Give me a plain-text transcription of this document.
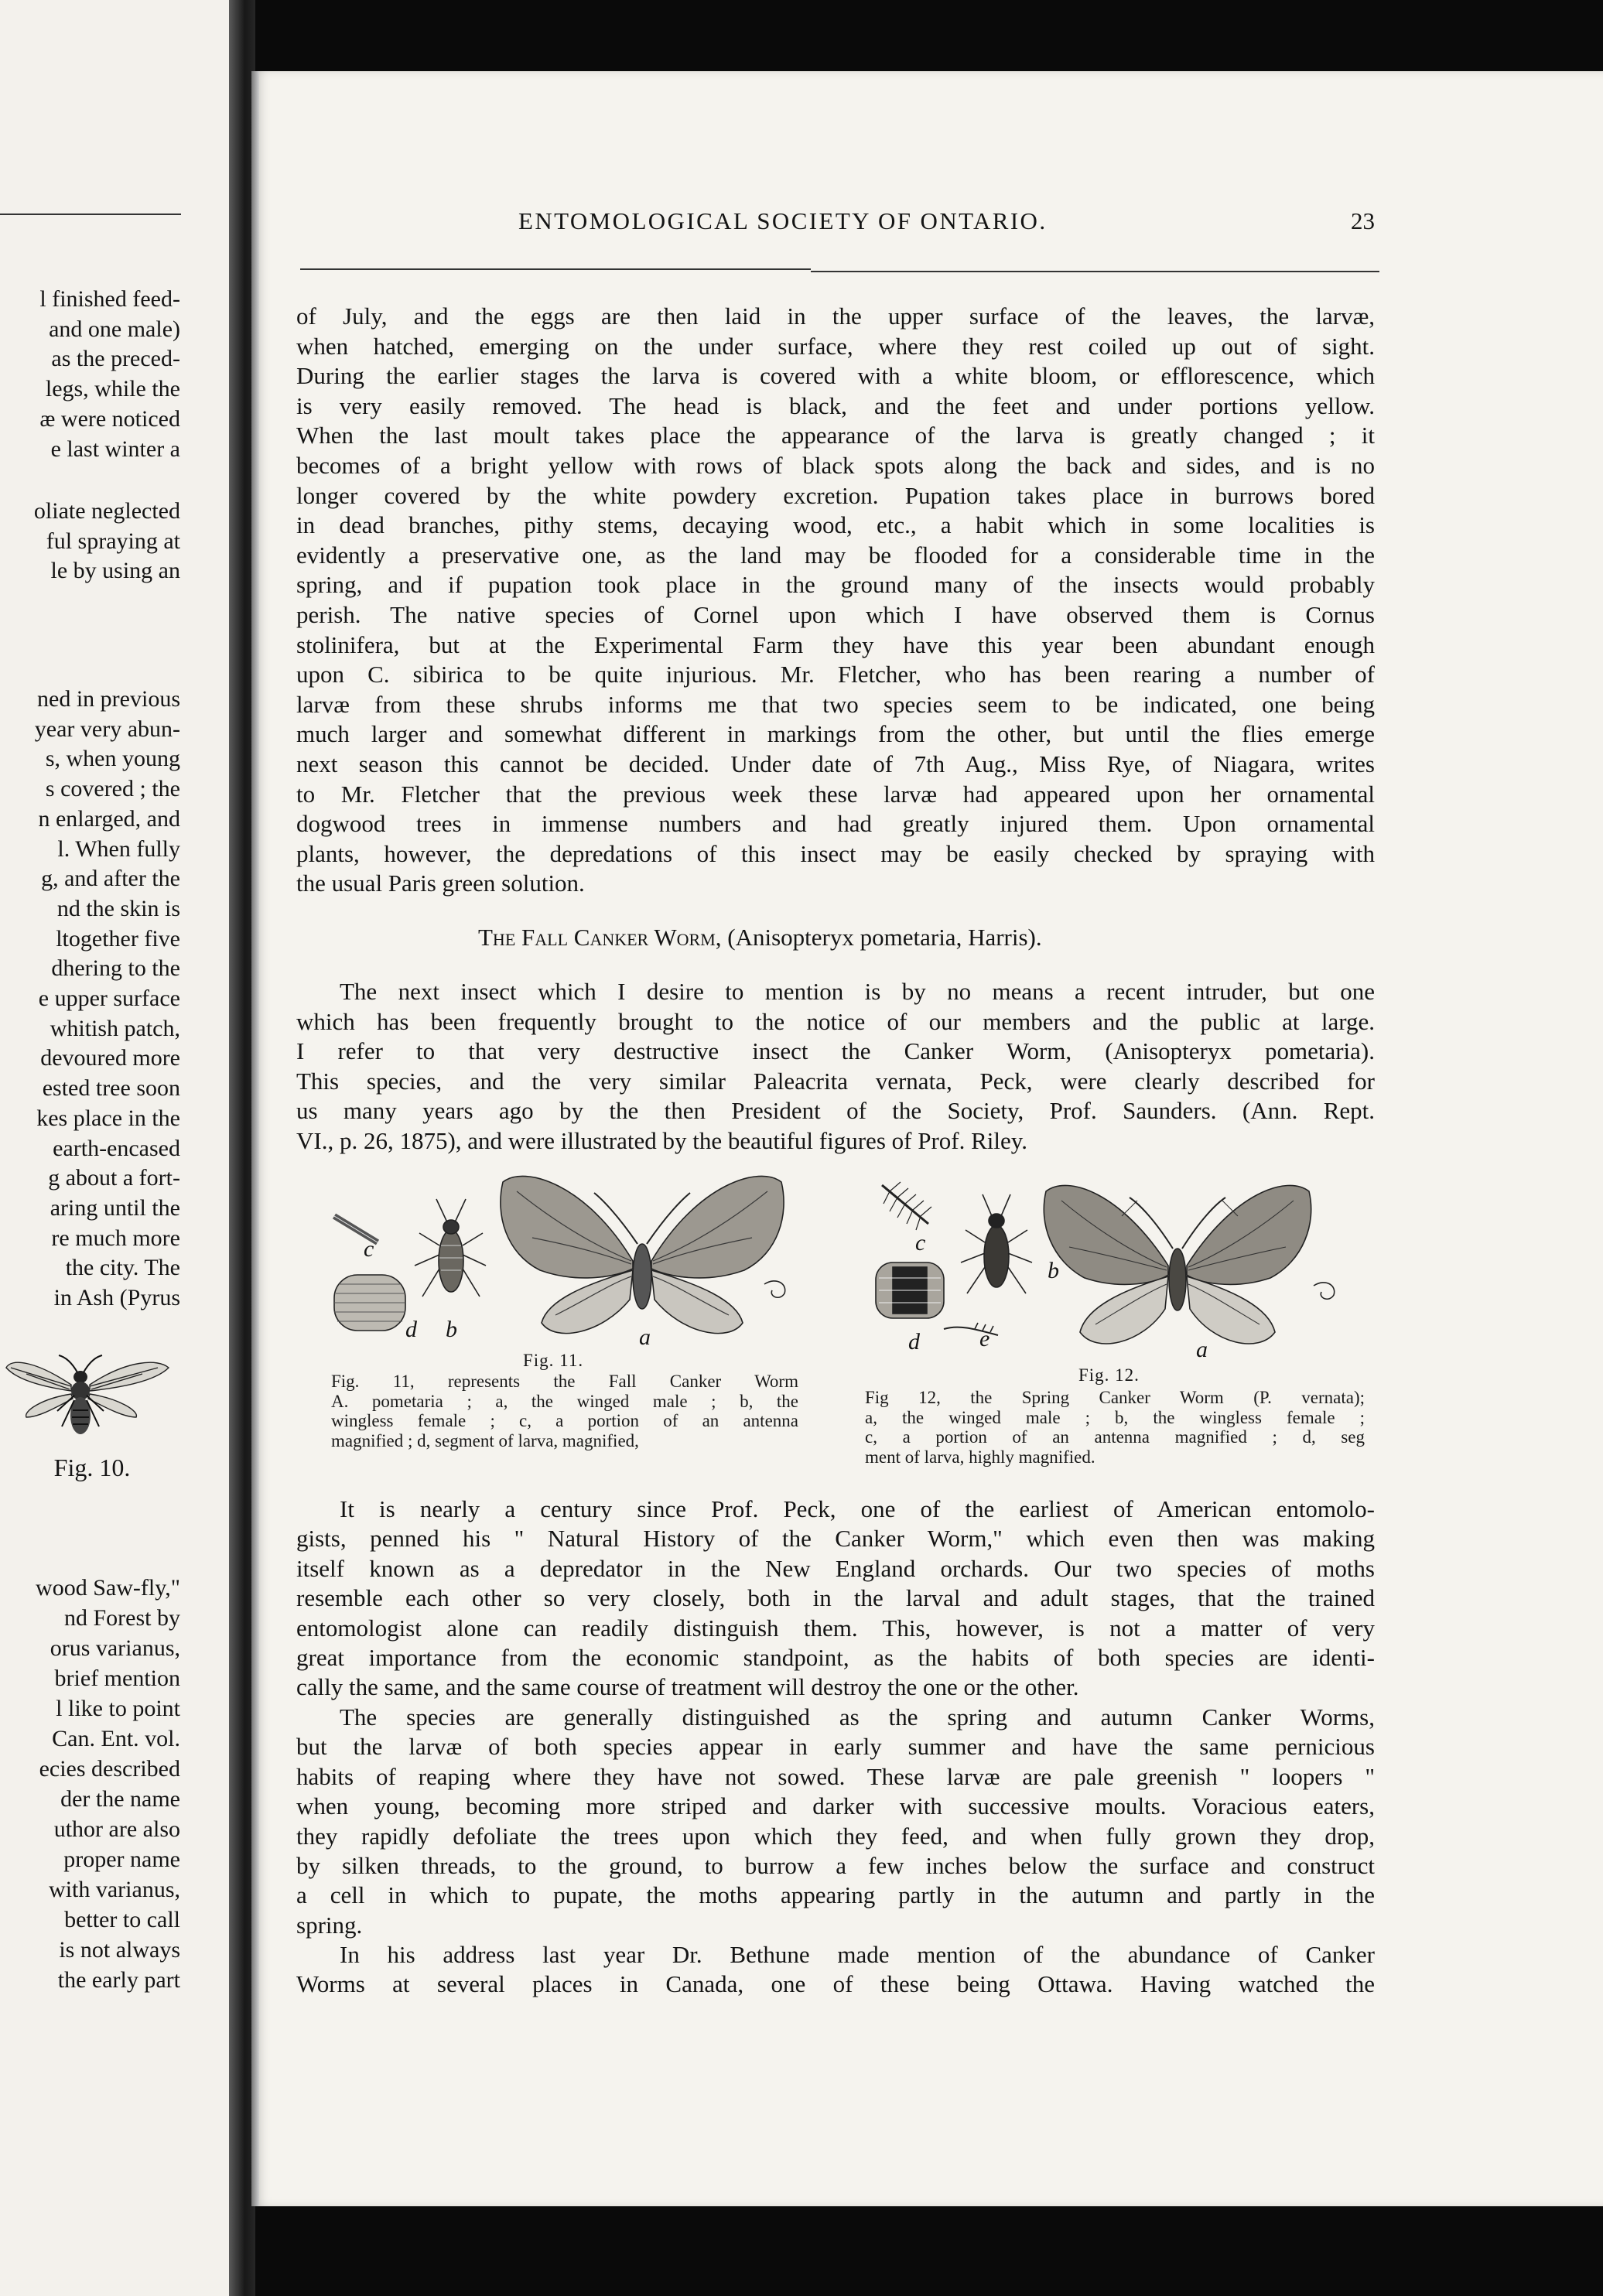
l finished feed-
and one male)
as the preced-
legs, while the
æ were noticed
e last winter a
oliate neglected
ful spraying at
le by using an
ned in previous
year very abun-
s, when young
s covered ; the
n enlarged, and
l. When fully
g, and after the
nd the skin is
ltogether five
dhering to the
e upper surface
whitish patch,
devoured more
ested tree soon
kes place in the
earth-encased
g about a fort-
aring until the
re much more
the city. The
in Ash (Pyrus
wood Saw-fly,"
nd Forest by
orus varianus,
brief mention
l like to point
Can. Ent. vol.
ecies described
der the name
uthor are also
proper name
with varianus,
better to call
is not always
the early part
Fig. 10.
ENTOMOLOGICAL SOCIETY OF ONTARIO.	23
of July, and the eggs are then laid in the upper surface of the leaves, the larvæ,
when hatched, emerging on the under surface, where they rest coiled up out of sight.
During the earlier stages the larva is covered with a white bloom, or efflorescence, which
is very easily removed. The head is black, and the feet and under portions yellow.
When the last moult takes place the appearance of the larva is greatly changed ; it
becomes of a bright yellow with rows of black spots along the back and sides, and is no
longer covered by the white powdery excretion. Pupation takes place in burrows bored
in dead branches, pithy stems, decaying wood, etc., a habit which in some localities is
evidently a preservative one, as the land may be flooded for a considerable time in the
spring, and if pupation took place in the ground many of the insects would probably
perish. The native species of Cornel upon which I have observed them is Cornus
stolinifera, but at the Experimental Farm they have this year been abundant enough
upon C. sibirica to be quite injurious. Mr. Fletcher, who has been rearing a number of
larvæ from these shrubs informs me that two species seem to be indicated, one being
much larger and somewhat different in markings from the other, but until the flies emerge
next season this cannot be decided. Under date of 7th Aug., Miss Rye, of Niagara, writes
to Mr. Fletcher that the previous week these larvæ had appeared upon her ornamental
dogwood trees in immense numbers and had greatly injured them. Upon ornamental
plants, however, the depredations of this insect may be easily checked by spraying with
the usual Paris green solution.
The Fall Canker Worm, (Anisopteryx pometaria, Harris).
The next insect which I desire to mention is by no means a recent intruder, but one
which has been frequently brought to the notice of our members and the public at large.
I refer to that very destructive insect the Canker Worm, (Anisopteryx pometaria).
This species, and the very similar Paleacrita vernata, Peck, were clearly described for
us many years ago by the then President of the Society, Prof. Saunders. (Ann. Rept.
VI., p. 26, 1875), and were illustrated by the beautiful figures of Prof. Riley.
It is nearly a century since Prof. Peck, one of the earliest of American entomolo-
gists, penned his " Natural History of the Canker Worm," which even then was making
itself known as a depredator in the New England orchards. Our two species of moths
resemble each other so very closely, both in the larval and adult stages, that the trained
entomologist alone can readily distinguish them. This, however, is not a matter of very
great importance from the economic standpoint, as the habits of both species are identi-
cally the same, and the same course of treatment will destroy the one or the other.
The species are generally distinguished as the spring and autumn Canker Worms,
but the larvæ of both species appear in early summer and have the same pernicious
habits of reaping where they have not sowed. These larvæ are pale greenish " loopers "
when young, becoming more striped and darker with successive moults. Voracious eaters,
they rapidly defoliate the trees upon which they feed, and when fully grown they drop,
by silken threads, to the ground, to burrow a few inches below the surface and construct
a cell in which to pupate, the moths appearing partly in the autumn and partly in the
spring.
In his address last year Dr. Bethune made mention of the abundance of Canker
Worms at several places in Canada, one of these being Ottawa. Having watched the
c
d b	a
c
b
d	e	a
Fig. 11.
Fig. 12.
Fig. 11, represents the Fall Canker Worm
A. pometaria ; a, the winged male ; b, the
wingless female ; c, a portion of an antenna
magnified ; d, segment of larva, magnified,
Fig 12, the Spring Canker Worm (P. vernata);
a, the winged male ; b, the wingless female ;
c, a portion of an antenna magnified ; d, seg
ment of larva, highly magnified.
